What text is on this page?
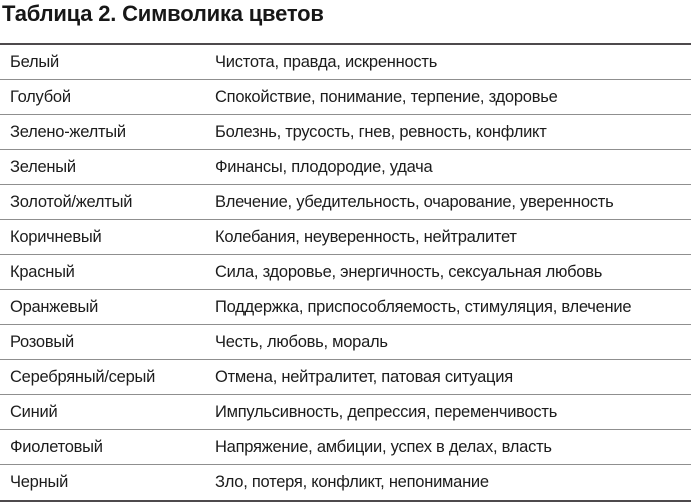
Таблица 2. Символика цветов
Белый	Чистота, правда, искренность
Голубой	Спокойствие, понимание, терпение, здоровье
Зелено-желтый	Болезнь, трусость, гнев, ревность, конфликт
Зеленый	Финансы, плодородие, удача
Золотой/желтый	Влечение, убедительность, очарование, уверенность
Коричневый	Колебания, неуверенность, нейтралитет
Красный	Сила, здоровье, энергичность, сексуальная любовь
Оранжевый	Поддержка, приспособляемость, стимуляция, влечение
Розовый	Честь, любовь, мораль
Серебряный/серый	Отмена, нейтралитет, патовая ситуация
Синий	Импульсивность, депрессия, переменчивость
Фиолетовый	Напряжение, амбиции, успех в делах, власть
Черный	Зло, потеря, конфликт, непонимание
